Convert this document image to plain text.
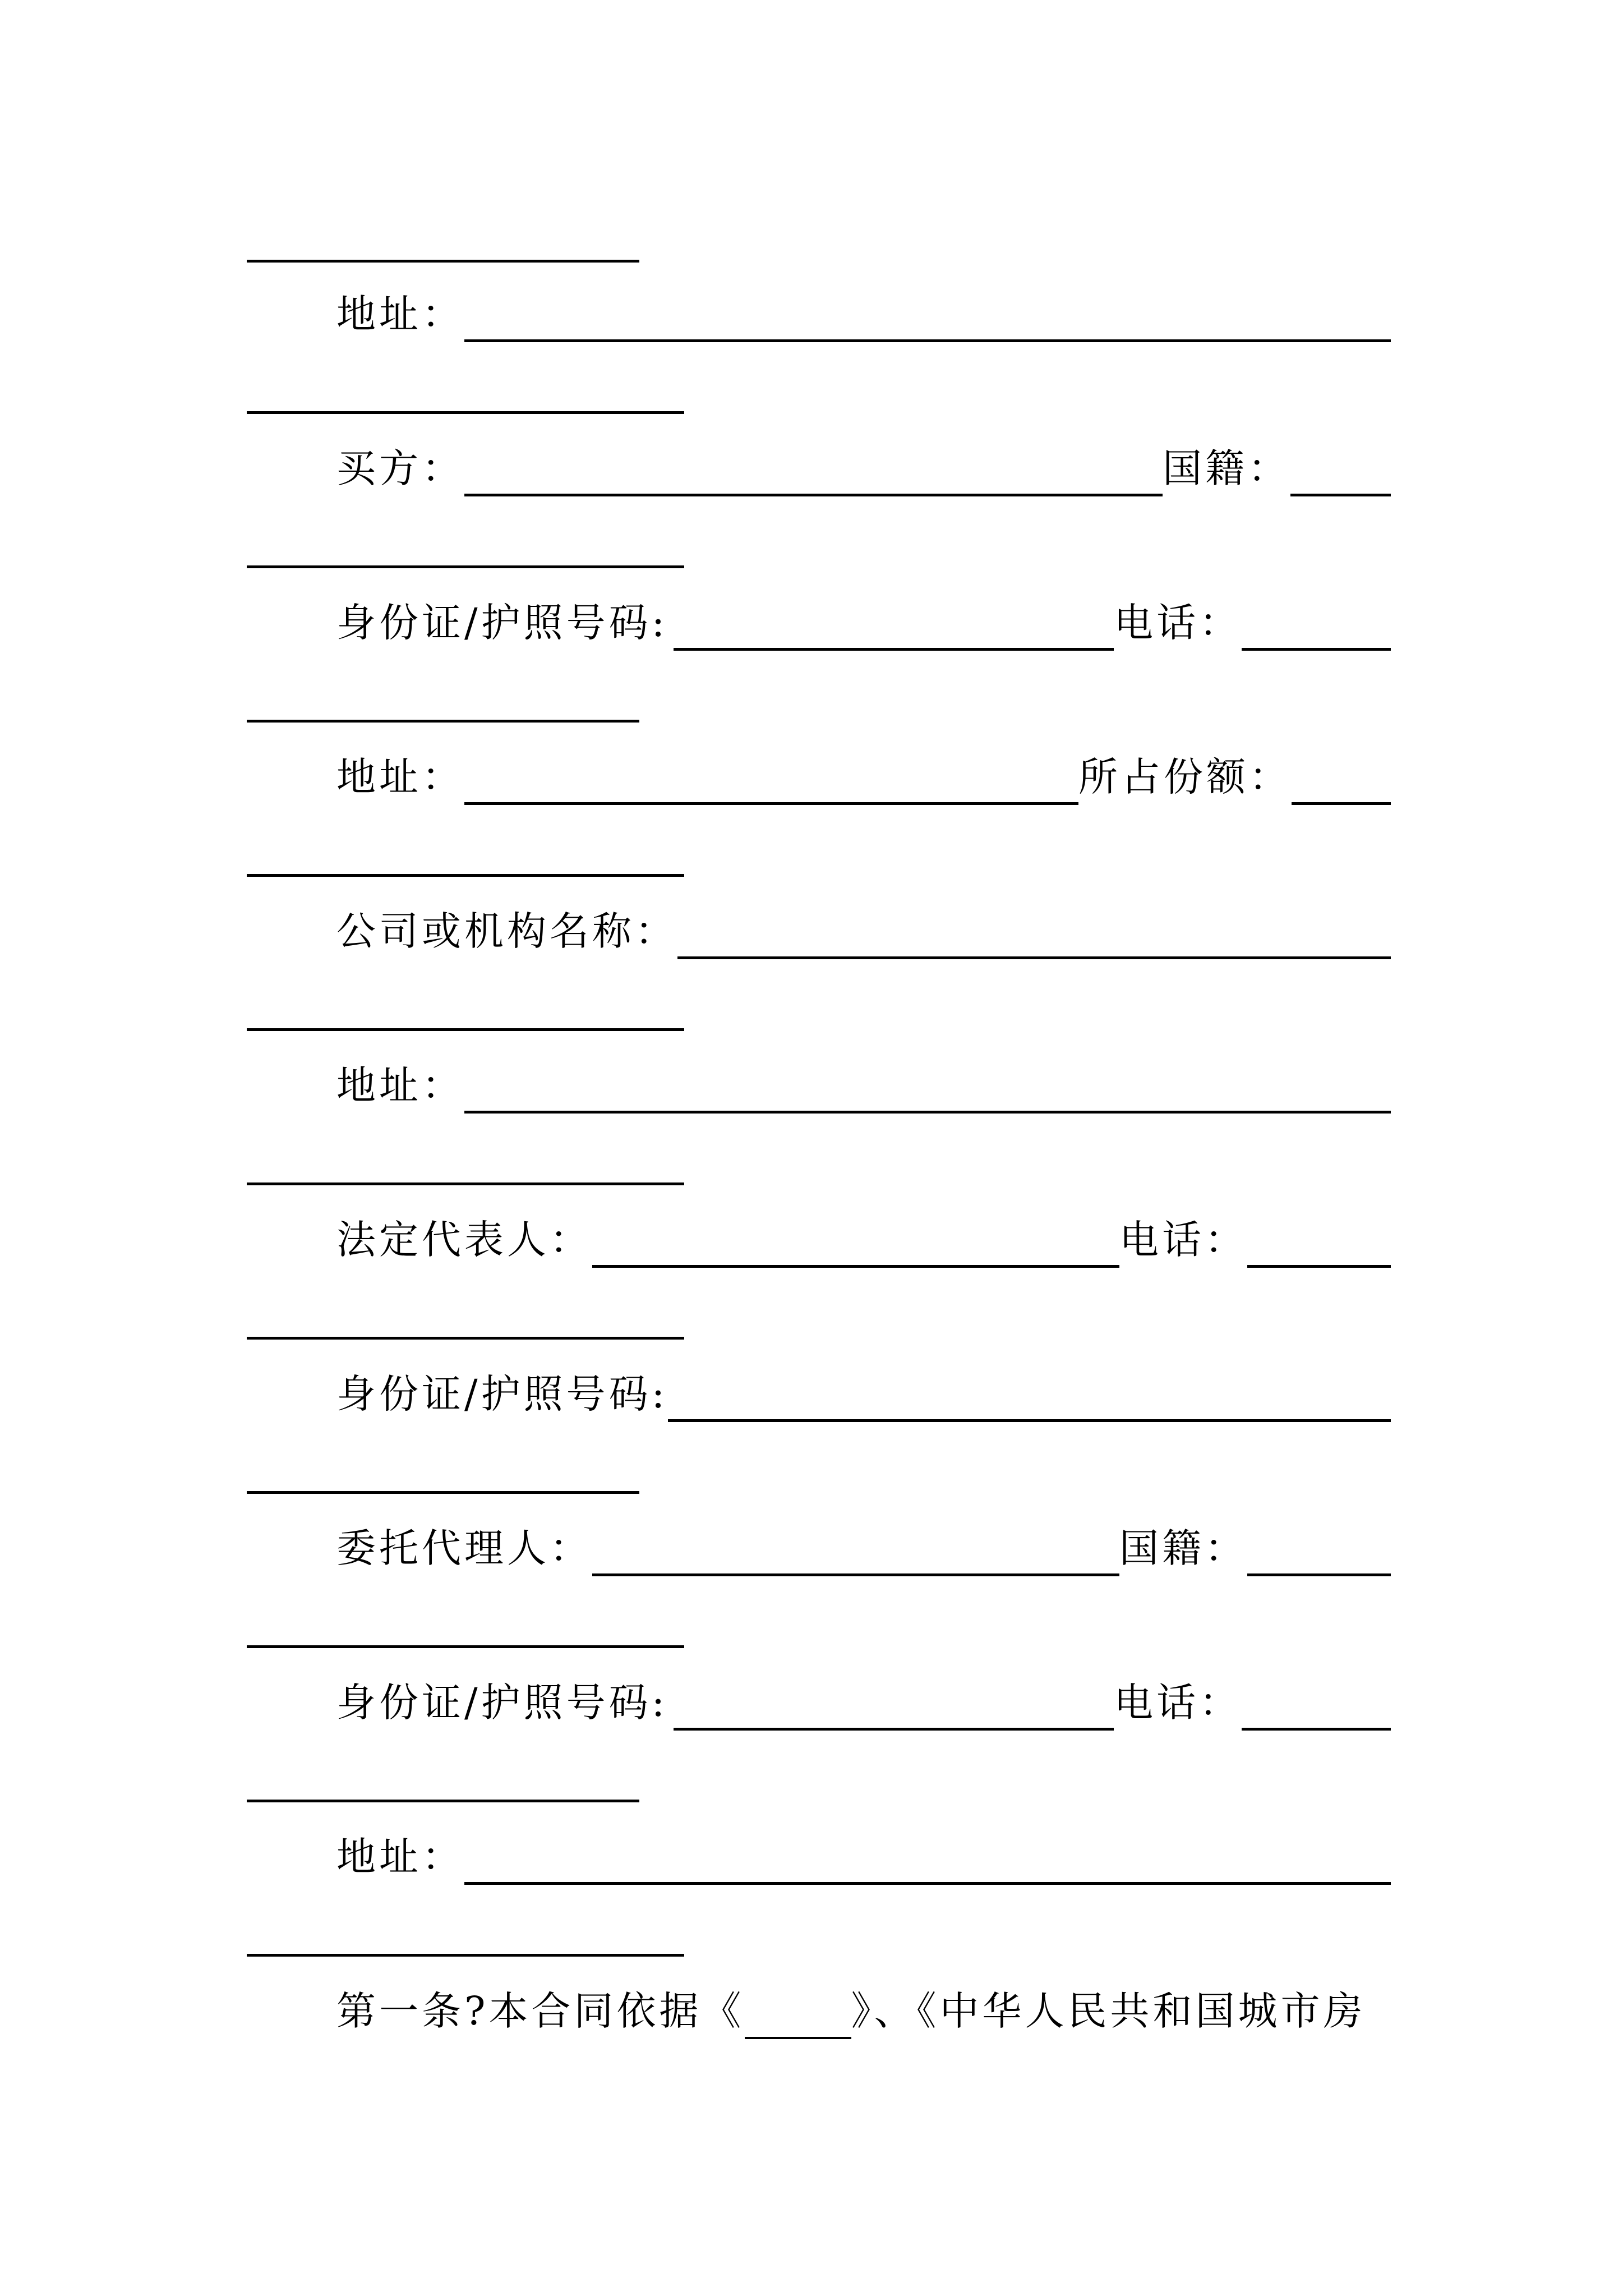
地址：
买方：	国籍：
身份证/护照号码:	电话：
地址：	所占份额：
公司或机构名称：
地址：
法定代表人：	电话：
身份证/护照号码:
委托代理人：	国籍：
身份证/护照号码:	电话：
地址：
第一条?本合同依据《	》、《中华人民共和国城市房
